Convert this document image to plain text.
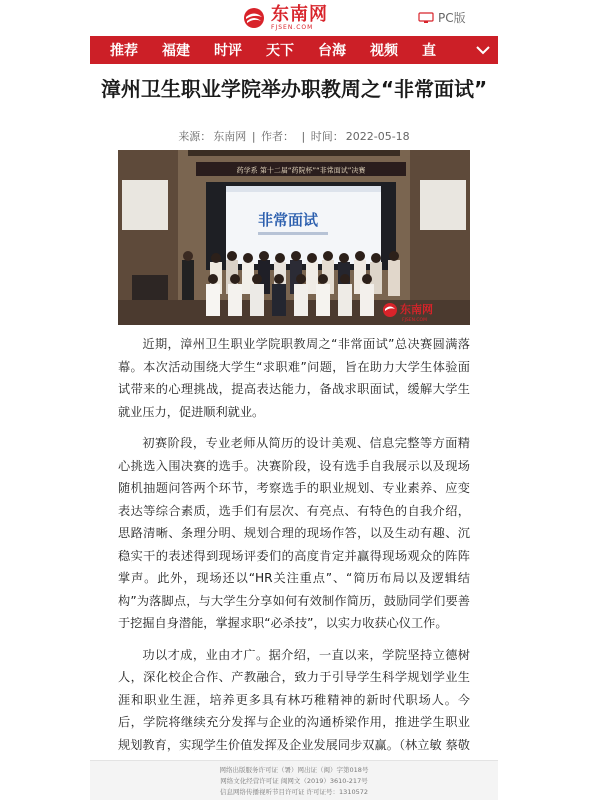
东南网
FJSEN.COM
PC版
推荐	福建	时评	天下	台海	视频	直
漳州卫生职业学院举办职教周之“非常面试”
来源： 东南网 | 作者： | 时间： 2022-05-18
药学系 第十二届“药院杯”“非常面试”决赛
非常面试
东南网
FJSEN.COM

近期，漳州卫生职业学院职教周之“非常面试”总决赛圆满落幕。本次活动围绕大学生“求职难”问题，旨在助力大学生体验面试带来的心理挑战，提高表达能力，备战求职面试，缓解大学生就业压力，促进顺利就业。

初赛阶段，专业老师从简历的设计美观、信息完整等方面精心挑选入围决赛的选手。决赛阶段，设有选手自我展示以及现场随机抽题问答两个环节，考察选手的职业规划、专业素养、应变表达等综合素质，选手们有层次、有亮点、有特色的自我介绍，思路清晰、条理分明、规划合理的现场作答，以及生动有趣、沉稳实干的表述得到现场评委们的高度肯定并赢得现场观众的阵阵掌声。此外，现场还以“HR关注重点”、“简历布局以及逻辑结构”为落脚点，与大学生分享如何有效制作简历，鼓励同学们要善于挖掘自身潜能，掌握求职“必杀技”，以实力收获心仪工作。

功以才成，业由才广。据介绍，一直以来，学院坚持立德树人，深化校企合作、产教融合，致力于引导学生科学规划学业生涯和职业生涯，培养更多具有林巧稚精神的新时代职场人。今后，学院将继续充分发挥与企业的沟通桥梁作用，推进学生职业规划教育，实现学生价值发挥及企业发展同步双赢。（林立敏 蔡敬

网络出版服务许可证（署）网出证（闽）字第018号
网络文化经营许可证 闽网文（2019）3610-217号
信息网络传播视听节目许可证 许可证号：1310572
